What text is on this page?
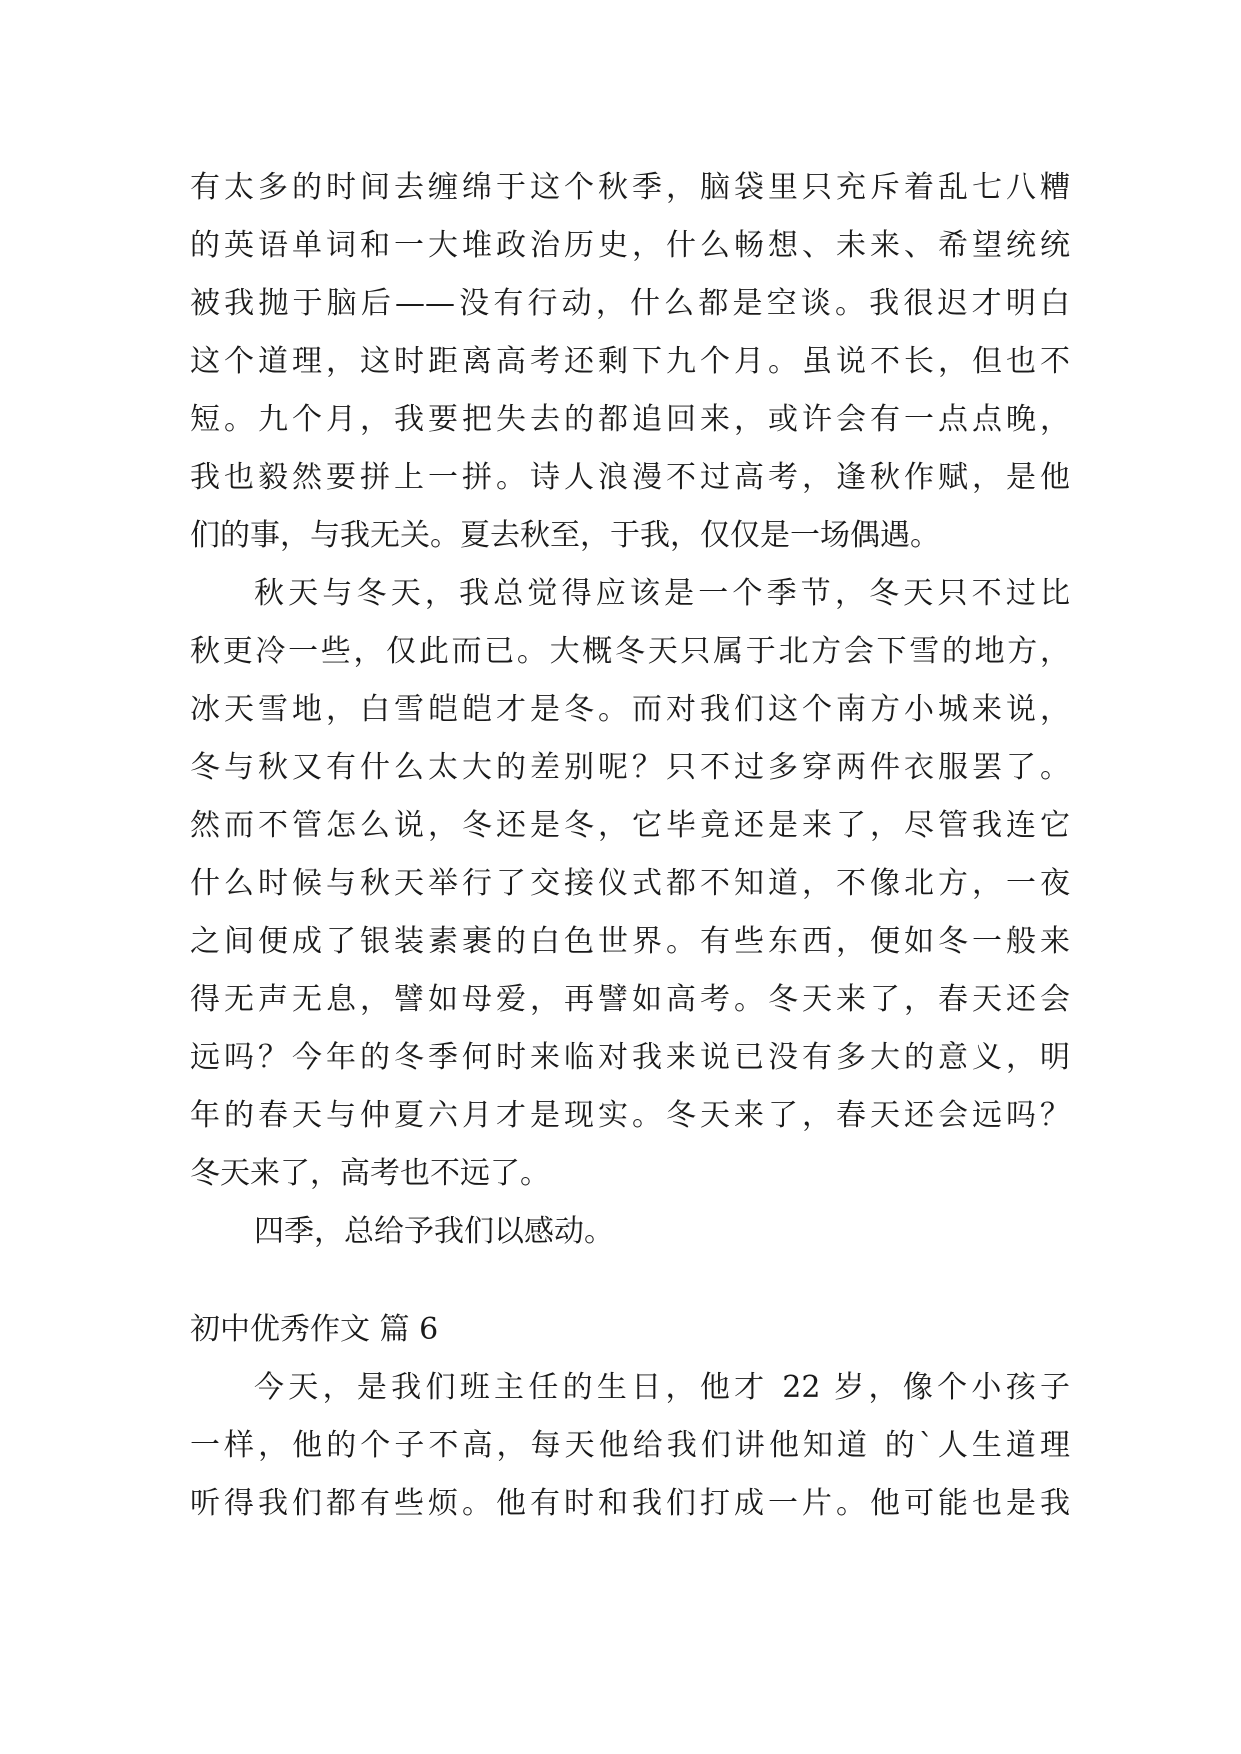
有太多的时间去缠绵于这个秋季，脑袋里只充斥着乱七八糟
的英语单词和一大堆政治历史，什么畅想、未来、希望统统
被我抛于脑后——没有行动，什么都是空谈。我很迟才明白
这个道理，这时距离高考还剩下九个月。虽说不长，但也不
短。九个月，我要把失去的都追回来，或许会有一点点晚，
我也毅然要拼上一拼。诗人浪漫不过高考，逢秋作赋，是他
们的事，与我无关。夏去秋至，于我，仅仅是一场偶遇。
秋天与冬天，我总觉得应该是一个季节，冬天只不过比
秋更冷一些，仅此而已。大概冬天只属于北方会下雪的地方，
冰天雪地，白雪皑皑才是冬。而对我们这个南方小城来说，
冬与秋又有什么太大的差别呢？只不过多穿两件衣服罢了。
然而不管怎么说，冬还是冬，它毕竟还是来了，尽管我连它
什么时候与秋天举行了交接仪式都不知道，不像北方，一夜
之间便成了银装素裹的白色世界。有些东西，便如冬一般来
得无声无息，譬如母爱，再譬如高考。冬天来了，春天还会
远吗？今年的冬季何时来临对我来说已没有多大的意义，明
年的春天与仲夏六月才是现实。冬天来了，春天还会远吗？
冬天来了，高考也不远了。
四季，总给予我们以感动。
初中优秀作文 篇 6
今天，是我们班主任的生日，他才 22 岁，像个小孩子
一样，他的个子不高，每天他给我们讲他知道 的`人生道理
听得我们都有些烦。他有时和我们打成一片。他可能也是我
